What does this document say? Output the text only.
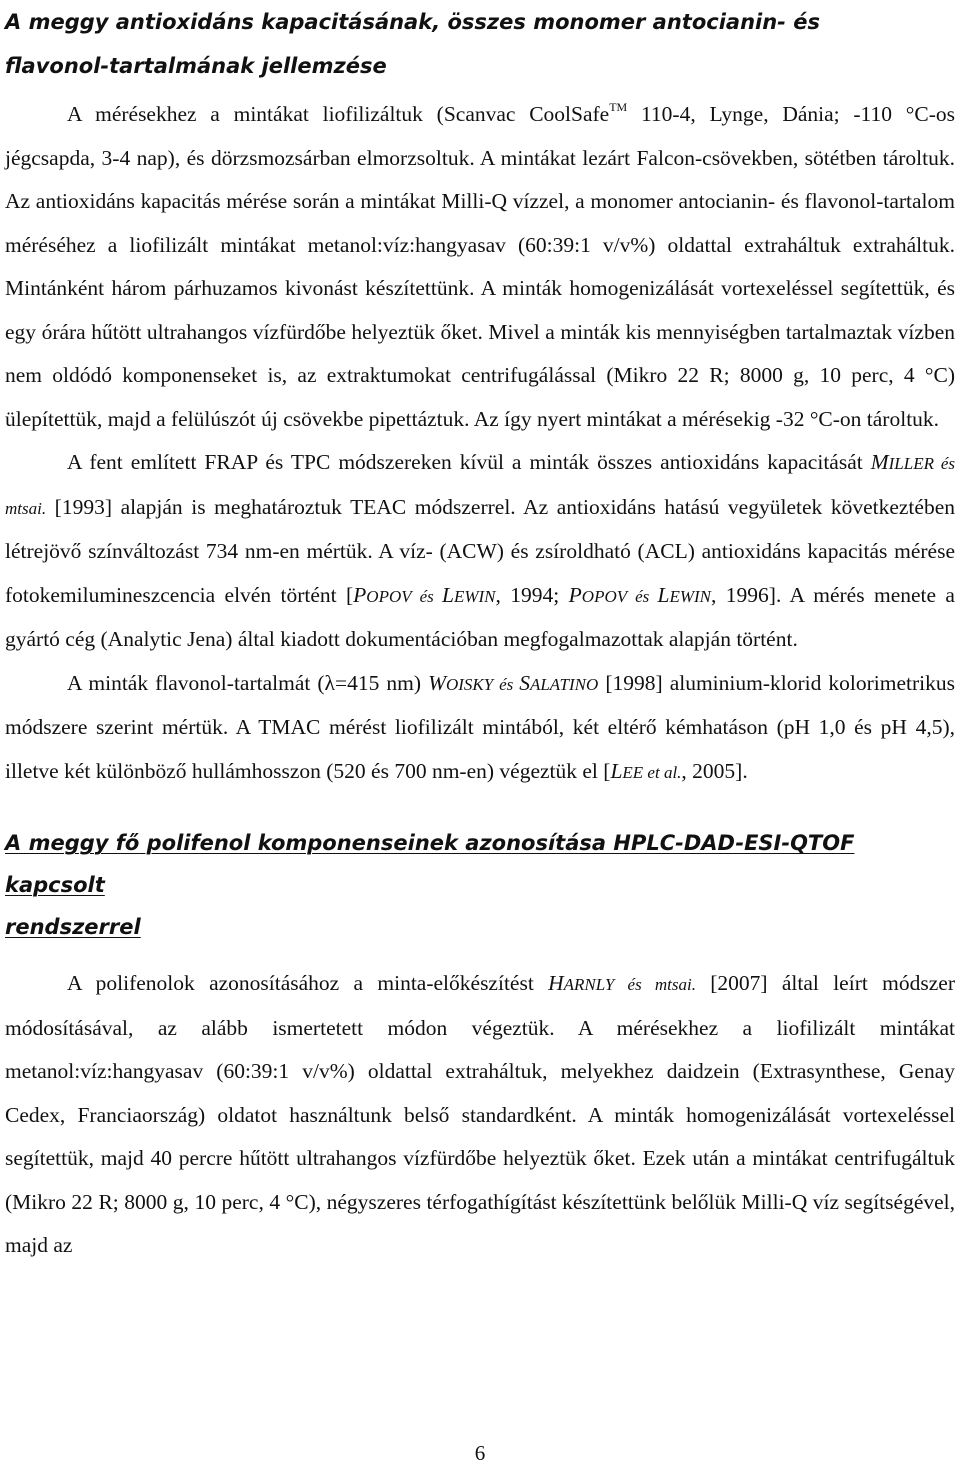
A meggy antioxidáns kapacitásának, összes monomer antocianin- és
flavonol-tartalmának jellemzése

A mérésekhez a mintákat liofilizáltuk (Scanvac CoolSafe™ 110-4, Lynge, Dánia; -110 °C-os jégcsapda, 3-4 nap), és dörzsmozsárban elmorzsoltuk. A mintákat lezárt Falcon-csövekben, sötétben tároltuk. Az antioxidáns kapacitás mérése során a mintákat Milli-Q vízzel, a monomer antocianin- és flavonol-tartalom méréséhez a liofilizált mintákat metanol:víz:hangyasav (60:39:1 v/v%) oldattal extraháltuk extraháltuk. Mintánként három párhuzamos kivonást készítettünk. A minták homogenizálását vortexeléssel segítettük, és egy órára hűtött ultrahangos vízfürdőbe helyeztük őket. Mivel a minták kis mennyiségben tartalmaztak vízben nem oldódó komponenseket is, az extraktumokat centrifugálással (Mikro 22 R; 8000 g, 10 perc, 4 °C) ülepítettük, majd a felülúszót új csövekbe pipettáztuk. Az így nyert mintákat a mérésekig -32 °C-on tároltuk.

A fent említett FRAP és TPC módszereken kívül a minták összes antioxidáns kapacitását MILLER és mtsai. [1993] alapján is meghatároztuk TEAC módszerrel. Az antioxidáns hatású vegyületek következtében létrejövő színváltozást 734 nm-en mértük. A víz- (ACW) és zsíroldható (ACL) antioxidáns kapacitás mérése fotokemilumineszcencia elvén történt [POPOV és LEWIN, 1994; POPOV és LEWIN, 1996]. A mérés menete a gyártó cég (Analytic Jena) által kiadott dokumentációban megfogalmazottak alapján történt.

A minták flavonol-tartalmát (λ=415 nm) WOISKY és SALATINO [1998] aluminium-klorid kolorimetrikus módszere szerint mértük. A TMAC mérést liofilizált mintából, két eltérő kémhatáson (pH 1,0 és pH 4,5), illetve két különböző hullámhosszon (520 és 700 nm-en) végeztük el [LEE et al., 2005].

A meggy fő polifenol komponenseinek azonosítása HPLC-DAD-ESI-QTOF kapcsolt
rendszerrel

A polifenolok azonosításához a minta-előkészítést HARNLY és mtsai. [2007] által leírt módszer módosításával, az alább ismertetett módon végeztük. A mérésekhez a liofilizált mintákat metanol:víz:hangyasav (60:39:1 v/v%) oldattal extraháltuk, melyekhez daidzein (Extrasynthese, Genay Cedex, Franciaország) oldatot használtunk belső standardként. A minták homogenizálását vortexeléssel segítettük, majd 40 percre hűtött ultrahangos vízfürdőbe helyeztük őket. Ezek után a mintákat centrifugáltuk (Mikro 22 R; 8000 g, 10 perc, 4 °C), négyszeres térfogathígítást készítettünk belőlük Milli-Q víz segítségével, majd az

6
